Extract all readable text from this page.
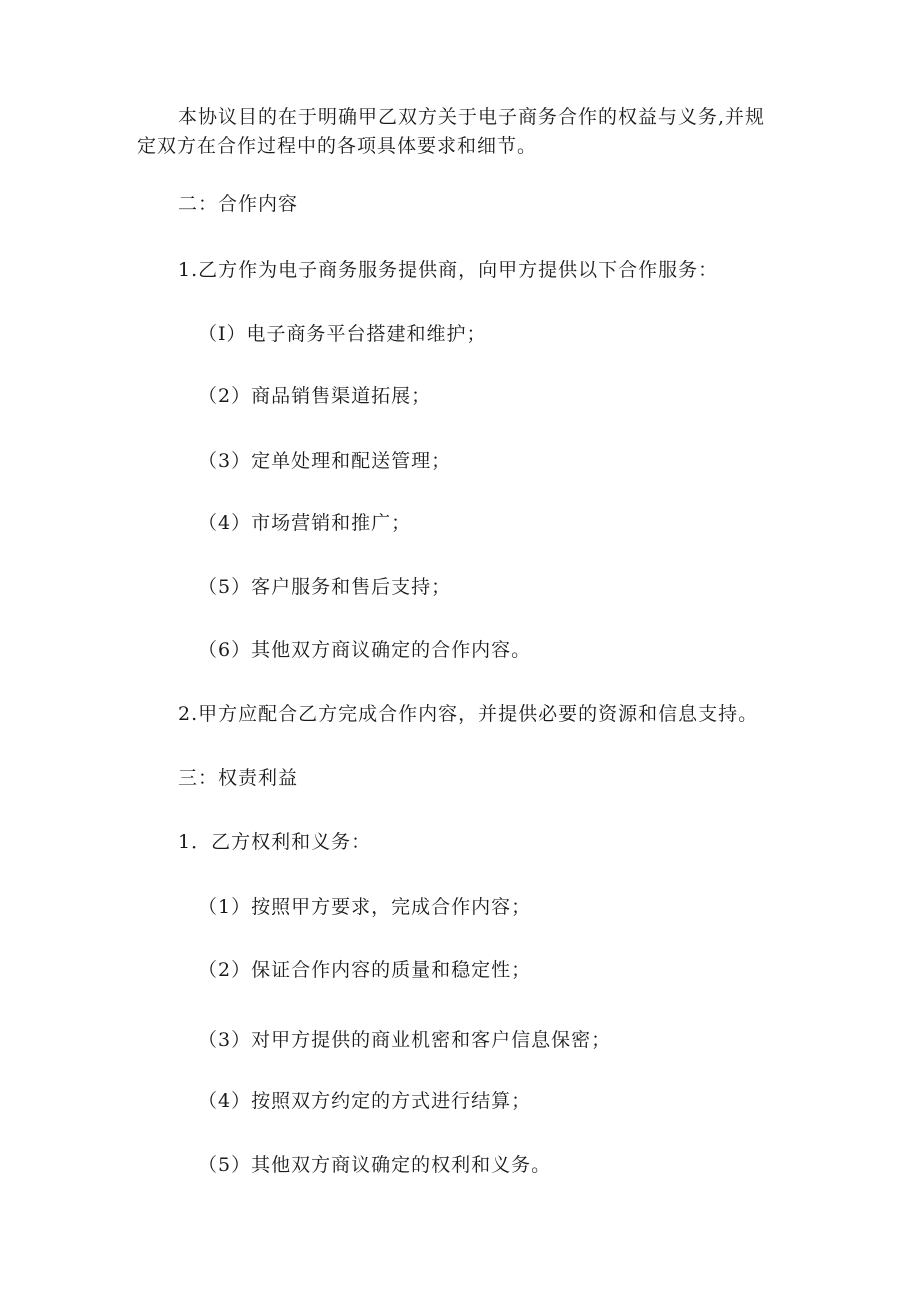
本协议目的在于明确甲乙双方关于电子商务合作的权益与义务,并规
定双方在合作过程中的各项具体要求和细节。
二：合作内容
1.乙方作为电子商务服务提供商，向甲方提供以下合作服务：
（I）电子商务平台搭建和维护；
（2）商品销售渠道拓展；
（3）定单处理和配送管理；
（4）市场营销和推广；
（5）客户服务和售后支持；
（6）其他双方商议确定的合作内容。
2.甲方应配合乙方完成合作内容，并提供必要的资源和信息支持。
三：权责利益
1．乙方权利和义务：
（1）按照甲方要求，完成合作内容；
（2）保证合作内容的质量和稳定性；
（3）对甲方提供的商业机密和客户信息保密；
（4）按照双方约定的方式进行结算；
（5）其他双方商议确定的权利和义务。
